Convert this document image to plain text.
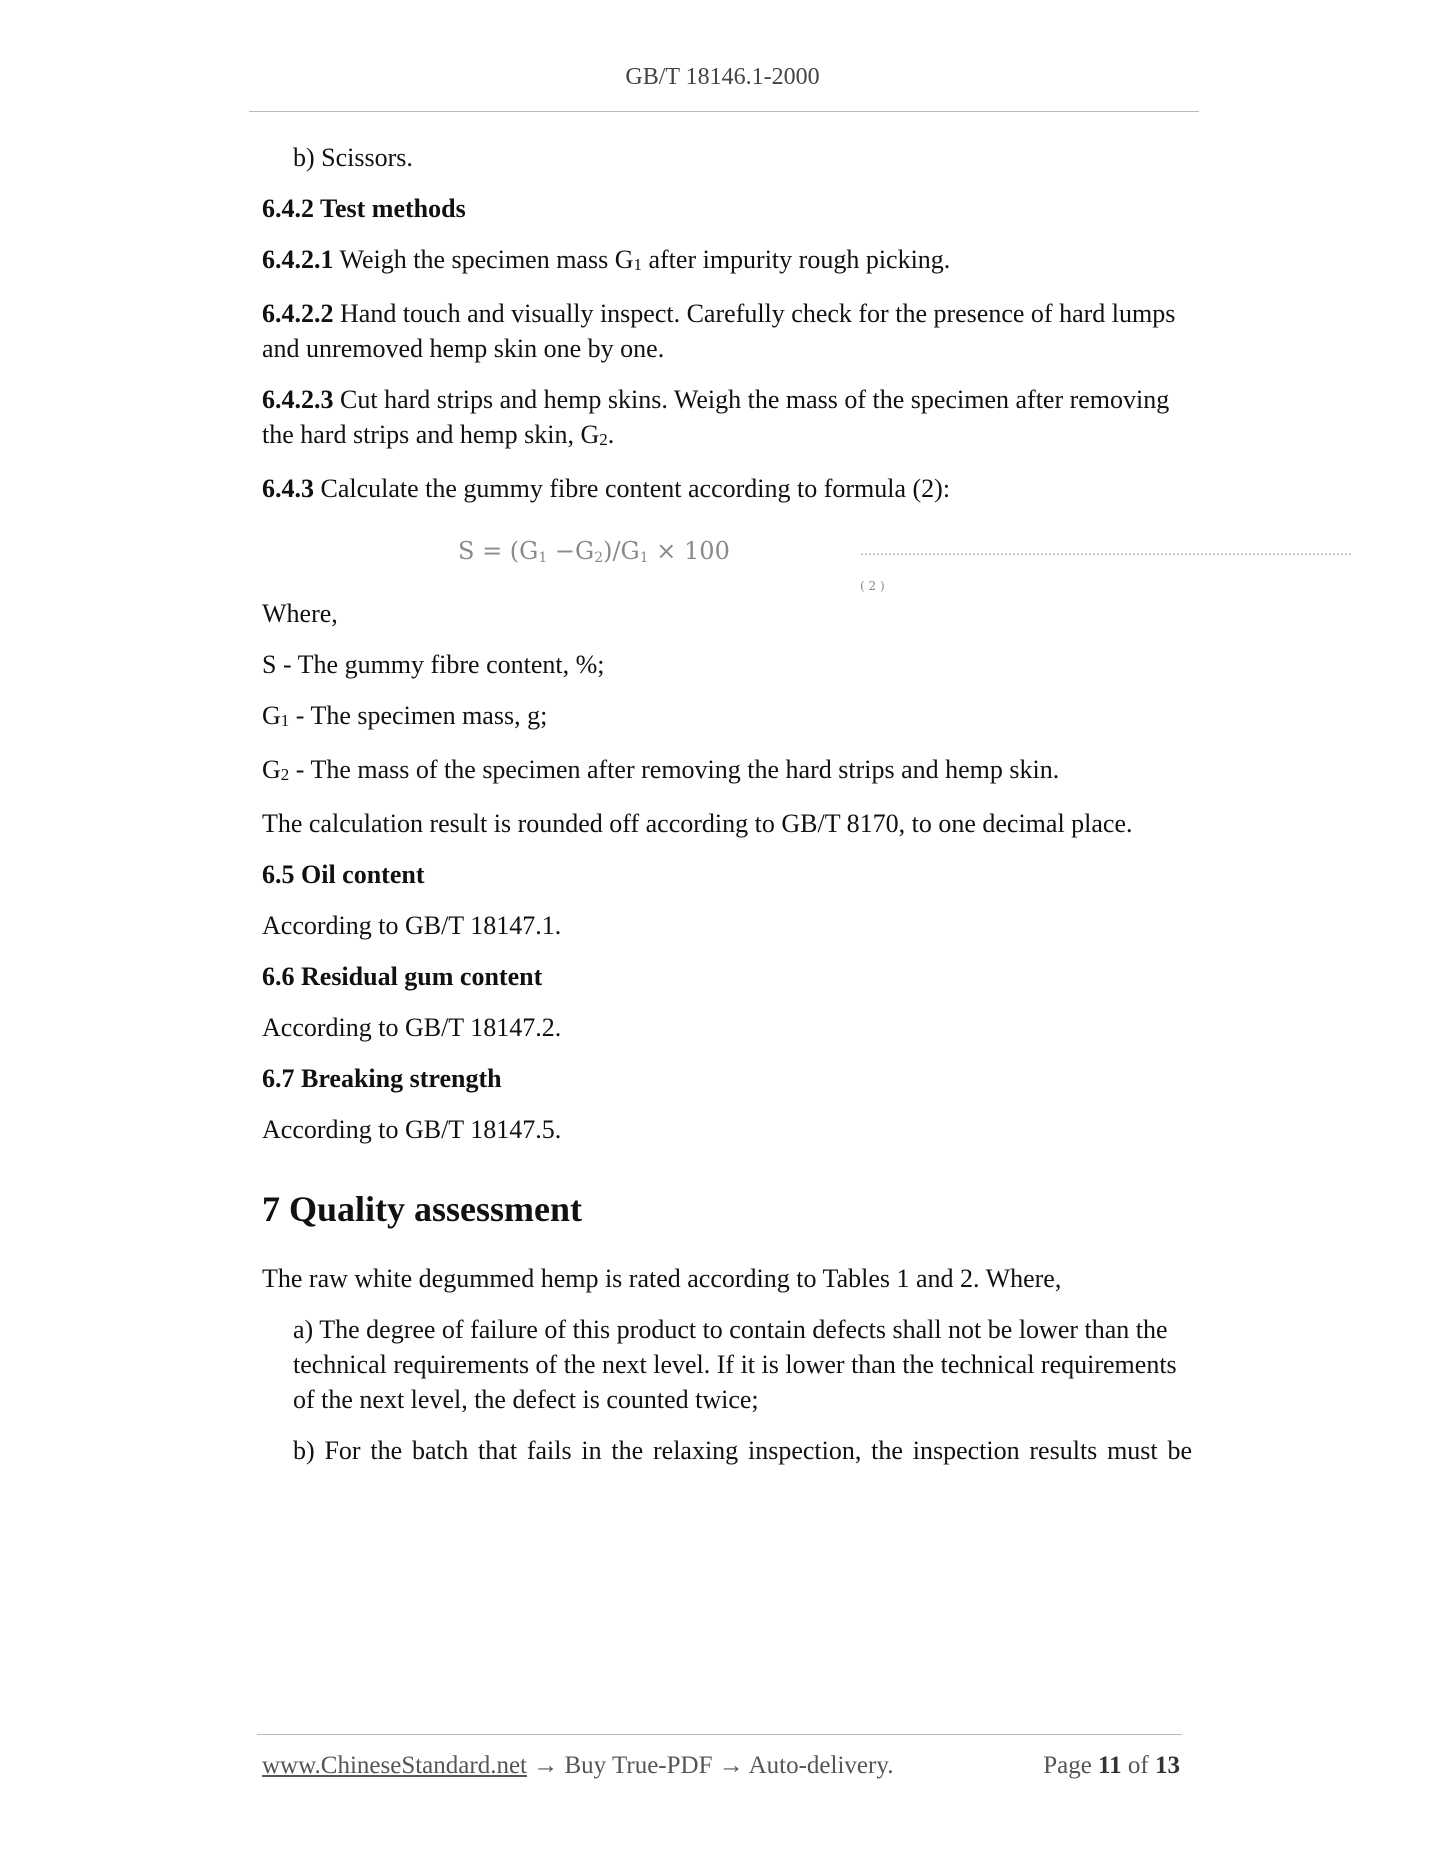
GB/T 18146.1-2000

b) Scissors.

6.4.2 Test methods

6.4.2.1 Weigh the specimen mass G1 after impurity rough picking.

6.4.2.2 Hand touch and visually inspect. Carefully check for the presence of hard lumps and unremoved hemp skin one by one.

6.4.2.3 Cut hard strips and hemp skins. Weigh the mass of the specimen after removing the hard strips and hemp skin, G2.

6.4.3 Calculate the gummy fibre content according to formula (2):

S = (G1 −G2)/G1 × 100	……………………………………………………………………………………………………………( 2 )

Where,

S - The gummy fibre content, %;

G1 - The specimen mass, g;

G2 - The mass of the specimen after removing the hard strips and hemp skin.

The calculation result is rounded off according to GB/T 8170, to one decimal place.

6.5 Oil content

According to GB/T 18147.1.

6.6 Residual gum content

According to GB/T 18147.2.

6.7 Breaking strength

According to GB/T 18147.5.

7 Quality assessment

The raw white degummed hemp is rated according to Tables 1 and 2. Where,

a) The degree of failure of this product to contain defects shall not be lower than the technical requirements of the next level. If it is lower than the technical requirements of the next level, the defect is counted twice;

b) For the batch that fails in the relaxing inspection, the inspection results must be

www.ChineseStandard.net → Buy True-PDF → Auto-delivery.	Page 11 of 13
